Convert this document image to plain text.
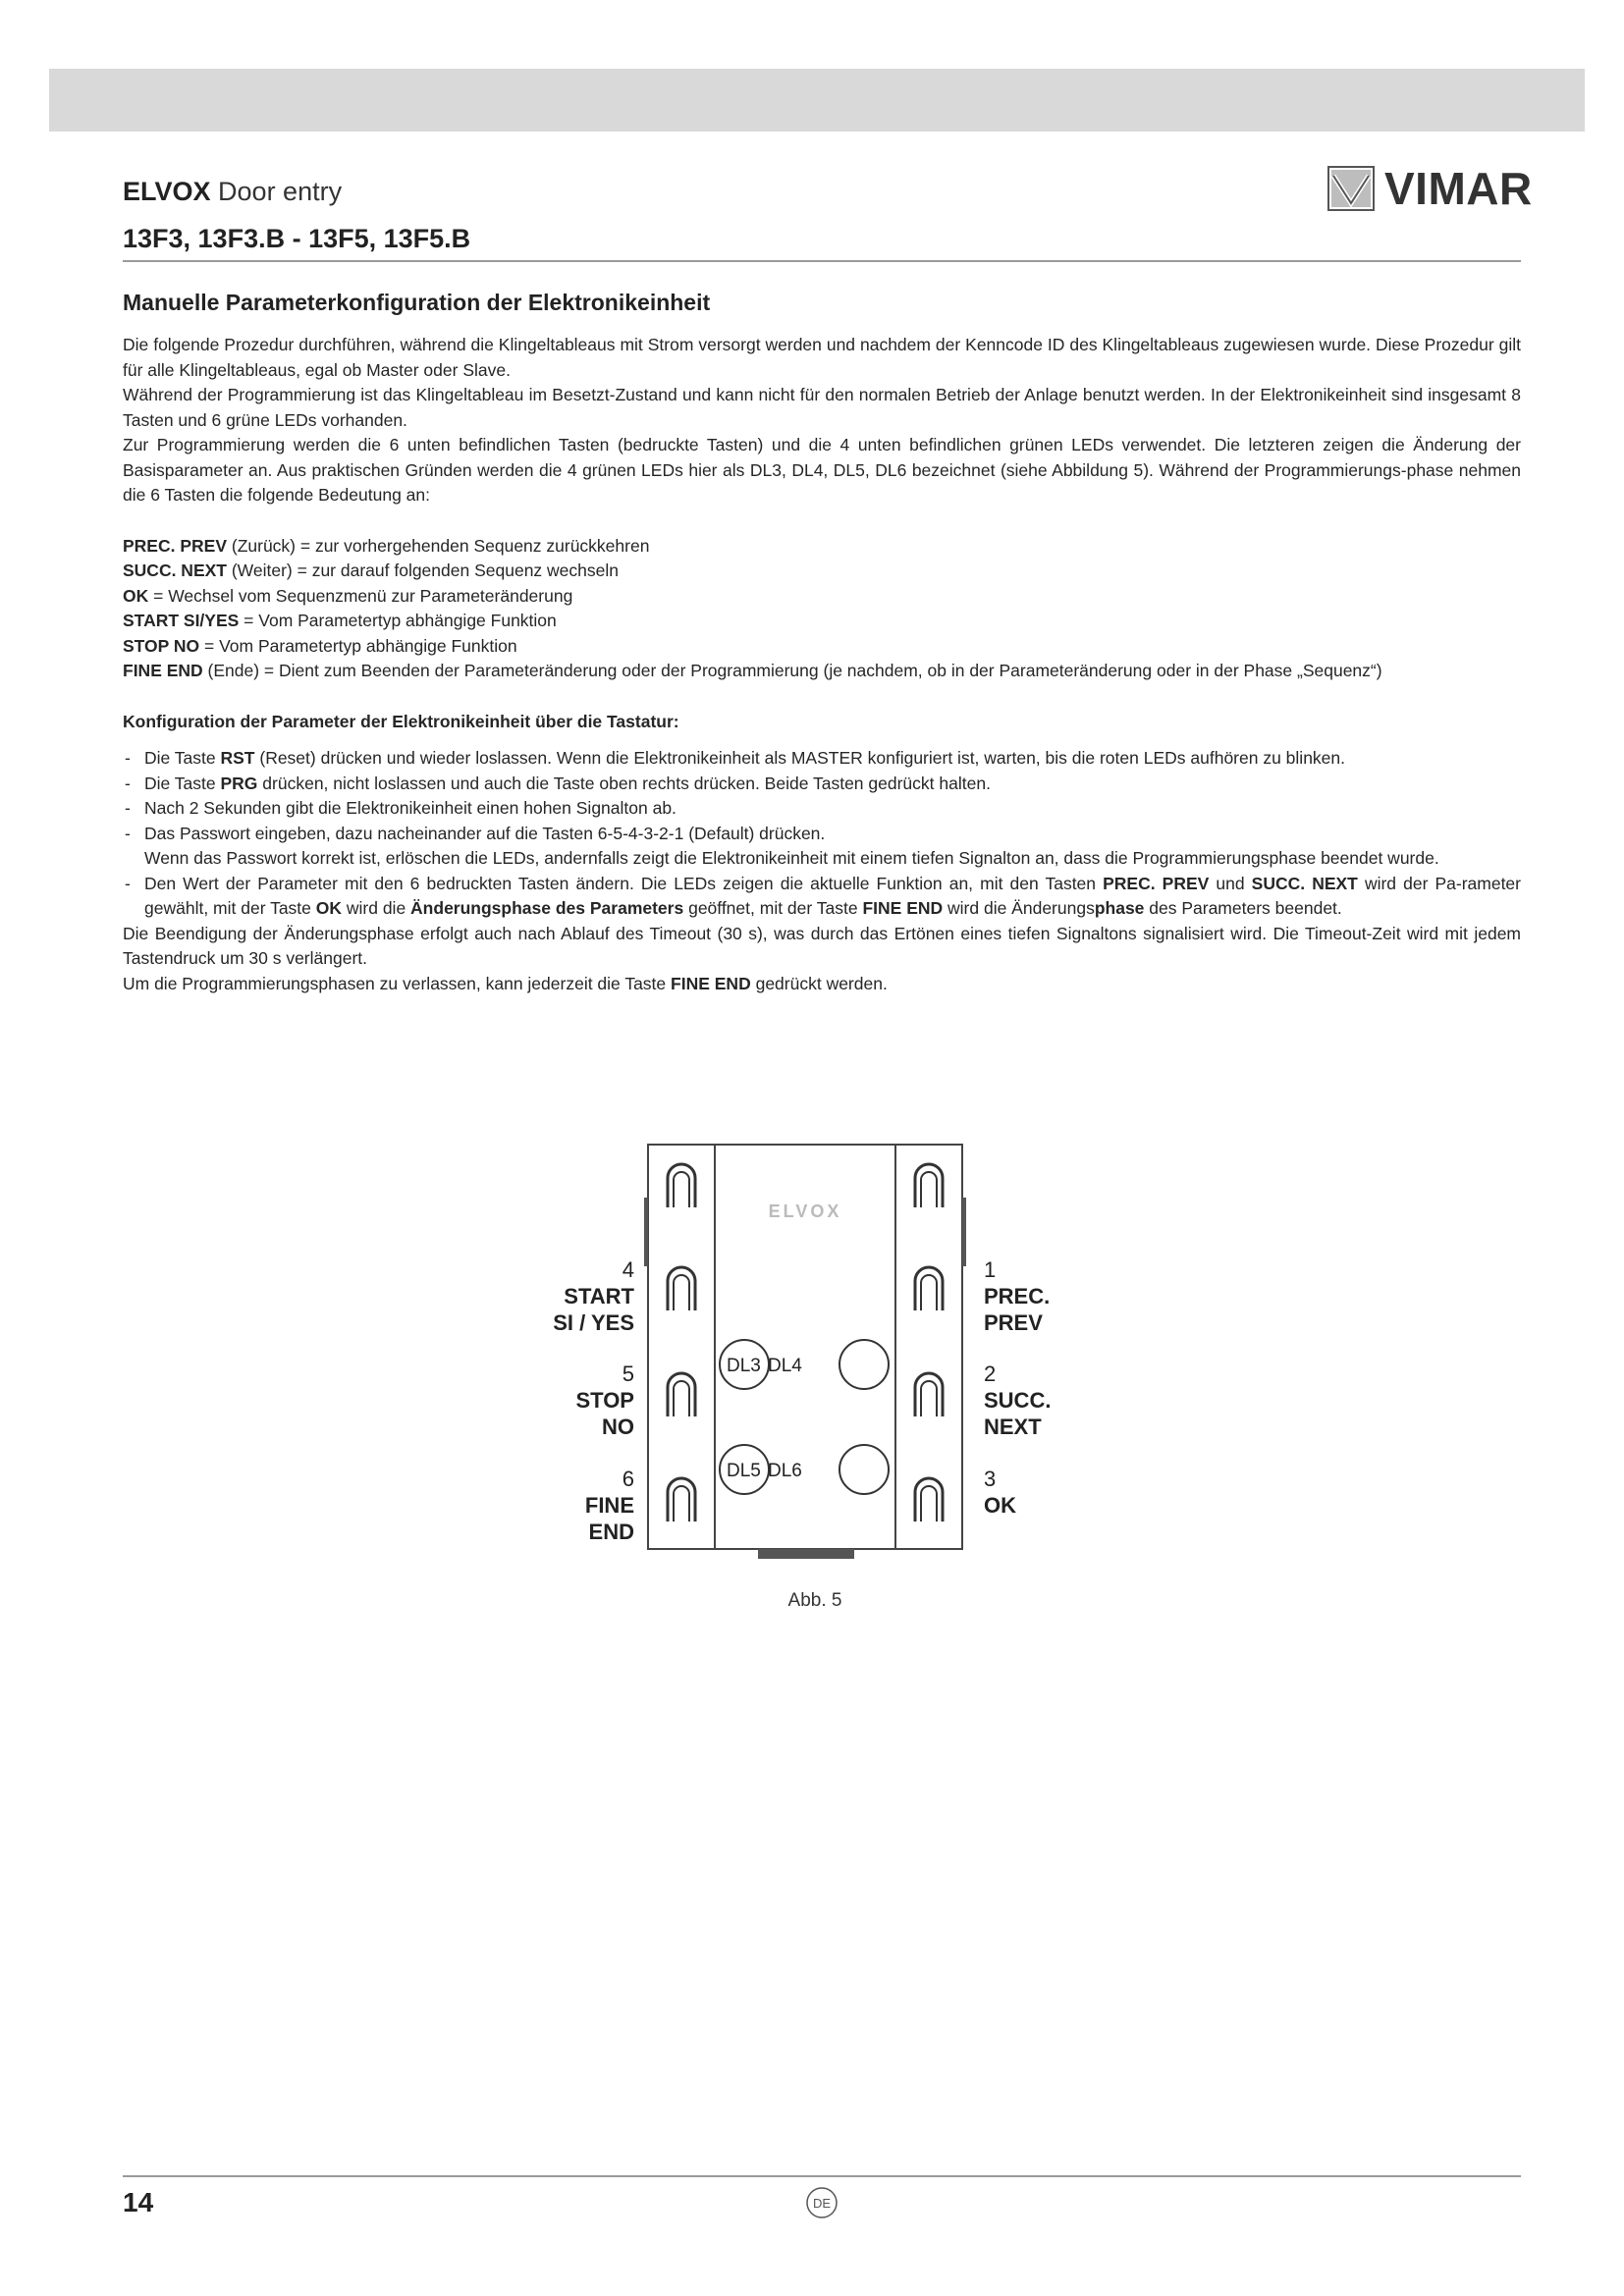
ELVOX Door entry	VIMAR
13F3, 13F3.B - 13F5, 13F5.B
Manuelle Parameterkonfiguration der Elektronikeinheit

Die folgende Prozedur durchführen, während die Klingeltableaus mit Strom versorgt werden und nachdem der Kenncode ID des Klingeltableaus zugewiesen wurde. Diese Prozedur gilt für alle Klingeltableaus, egal ob Master oder Slave.

Während der Programmierung ist das Klingeltableau im Besetzt-Zustand und kann nicht für den normalen Betrieb der Anlage benutzt werden. In der Elektronikeinheit sind insgesamt 8 Tasten und 6 grüne LEDs vorhanden.

Zur Programmierung werden die 6 unten befindlichen Tasten (bedruckte Tasten) und die 4 unten befindlichen grünen LEDs verwendet. Die letzteren zeigen die Änderung der Basisparameter an. Aus praktischen Gründen werden die 4 grünen LEDs hier als DL3, DL4, DL5, DL6 bezeichnet (siehe Abbildung 5). Während der Programmierungs-phase nehmen die 6 Tasten die folgende Bedeutung an:

PREC. PREV (Zurück) = zur vorhergehenden Sequenz zurückkehren

SUCC. NEXT (Weiter) = zur darauf folgenden Sequenz wechseln

OK = Wechsel vom Sequenzmenü zur Parameteränderung

START SI/YES = Vom Parametertyp abhängige Funktion

STOP NO = Vom Parametertyp abhängige Funktion

FINE END (Ende) = Dient zum Beenden der Parameteränderung oder der Programmierung (je nachdem, ob in der Parameteränderung oder in der Phase „Sequenz“)

Konfiguration der Parameter der Elektronikeinheit über die Tastatur:
- Die Taste RST (Reset) drücken und wieder loslassen. Wenn die Elektronikeinheit als MASTER konfiguriert ist, warten, bis die roten LEDs aufhören zu blinken.
- Die Taste PRG drücken, nicht loslassen und auch die Taste oben rechts drücken. Beide Tasten gedrückt halten.
- Nach 2 Sekunden gibt die Elektronikeinheit einen hohen Signalton ab.
- Das Passwort eingeben, dazu nacheinander auf die Tasten 6-5-4-3-2-1 (Default) drücken.
Wenn das Passwort korrekt ist, erlöschen die LEDs, andernfalls zeigt die Elektronikeinheit mit einem tiefen Signalton an, dass die Programmierungsphase beendet wurde.
- Den Wert der Parameter mit den 6 bedruckten Tasten ändern. Die LEDs zeigen die aktuelle Funktion an, mit den Tasten PREC. PREV und SUCC. NEXT wird der Pa-rameter gewählt, mit der Taste OK wird die Änderungsphase des Parameters geöffnet, mit der Taste FINE END wird die Änderungsphase des Parameters beendet.

Die Beendigung der Änderungsphase erfolgt auch nach Ablauf des Timeout (30 s), was durch das Ertönen eines tiefen Signaltons signalisiert wird. Die Timeout-Zeit wird mit jedem Tastendruck um 30 s verlängert.

Um die Programmierungsphasen zu verlassen, kann jederzeit die Taste FINE END gedrückt werden.

ELVOX
DL3 DL4
DL5 DL6
4
START
SI / YES
5
STOP
NO
6
FINE
END
1
PREC.
PREV
2
SUCC.
NEXT
3
OK
Abb. 5
14	DE
